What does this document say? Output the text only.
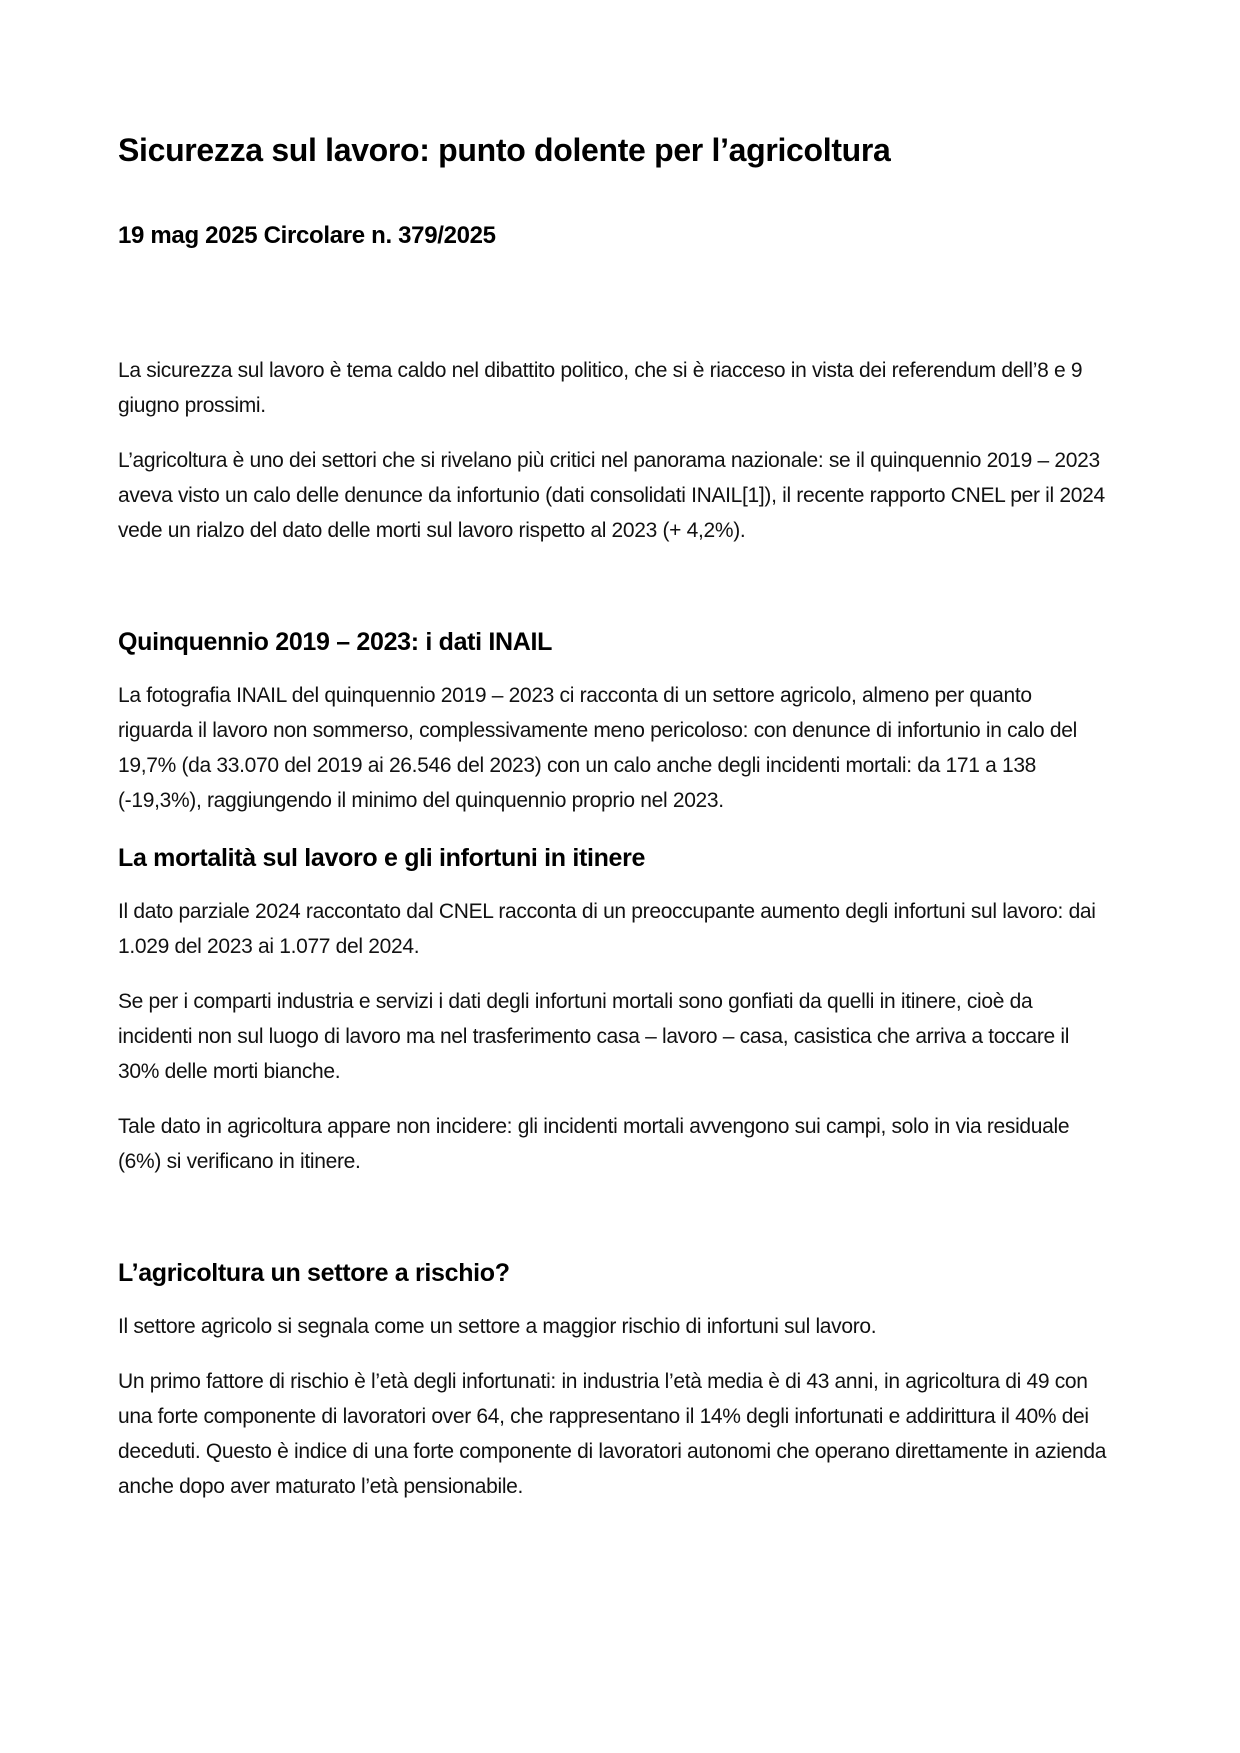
Sicurezza sul lavoro: punto dolente per l’agricoltura

19 mag 2025 Circolare n. 379/2025

La sicurezza sul lavoro è tema caldo nel dibattito politico, che si è riacceso in vista dei referendum dell’8 e 9 giugno prossimi.

L’agricoltura è uno dei settori che si rivelano più critici nel panorama nazionale: se il quinquennio 2019 – 2023 aveva visto un calo delle denunce da infortunio (dati consolidati INAIL[1]), il recente rapporto CNEL per il 2024 vede un rialzo del dato delle morti sul lavoro rispetto al 2023 (+ 4,2%).

Quinquennio 2019 – 2023: i dati INAIL

La fotografia INAIL del quinquennio 2019 – 2023 ci racconta di un settore agricolo, almeno per quanto riguarda il lavoro non sommerso, complessivamente meno pericoloso: con denunce di infortunio in calo del 19,7% (da 33.070 del 2019 ai 26.546 del 2023) con un calo anche degli incidenti mortali: da 171 a 138 (-19,3%), raggiungendo il minimo del quinquennio proprio nel 2023.

La mortalità sul lavoro e gli infortuni in itinere

Il dato parziale 2024 raccontato dal CNEL racconta di un preoccupante aumento degli infortuni sul lavoro: dai 1.029 del 2023 ai 1.077 del 2024.

Se per i comparti industria e servizi i dati degli infortuni mortali sono gonfiati da quelli in itinere, cioè da incidenti non sul luogo di lavoro ma nel trasferimento casa – lavoro – casa, casistica che arriva a toccare il 30% delle morti bianche.

Tale dato in agricoltura appare non incidere: gli incidenti mortali avvengono sui campi, solo in via residuale (6%) si verificano in itinere.

L’agricoltura un settore a rischio?

Il settore agricolo si segnala come un settore a maggior rischio di infortuni sul lavoro.

Un primo fattore di rischio è l’età degli infortunati: in industria l’età media è di 43 anni, in agricoltura di 49 con una forte componente di lavoratori over 64, che rappresentano il 14% degli infortunati e addirittura il 40% dei deceduti. Questo è indice di una forte componente di lavoratori autonomi che operano direttamente in azienda anche dopo aver maturato l’età pensionabile.
